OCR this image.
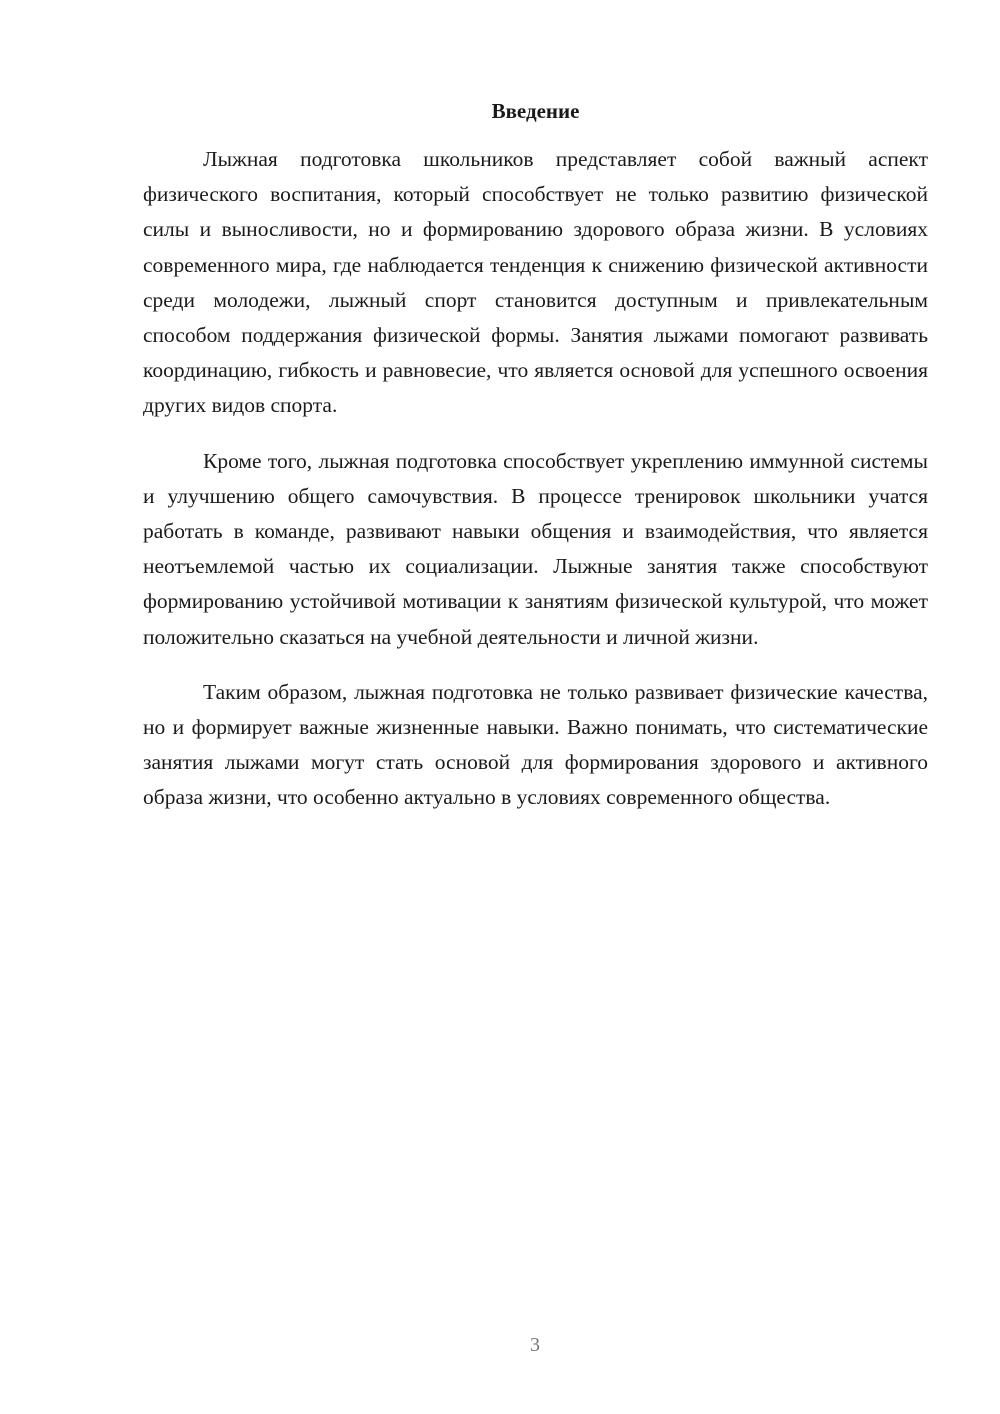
Введение

Лыжная подготовка школьников представляет собой важный аспект физического воспитания, который способствует не только развитию физической силы и выносливости, но и формированию здорового образа жизни. В условиях современного мира, где наблюдается тенденция к снижению физической активности среди молодежи, лыжный спорт становится доступным и привлекательным способом поддержания физической формы. Занятия лыжами помогают развивать координацию, гибкость и равновесие, что является основой для успешного освоения других видов спорта.

Кроме того, лыжная подготовка способствует укреплению иммунной системы и улучшению общего самочувствия. В процессе тренировок школьники учатся работать в команде, развивают навыки общения и взаимодействия, что является неотъемлемой частью их социализации. Лыжные занятия также способствуют формированию устойчивой мотивации к занятиям физической культурой, что может положительно сказаться на учебной деятельности и личной жизни.

Таким образом, лыжная подготовка не только развивает физические качества, но и формирует важные жизненные навыки. Важно понимать, что систематические занятия лыжами могут стать основой для формирования здорового и активного образа жизни, что особенно актуально в условиях современного общества.

3
